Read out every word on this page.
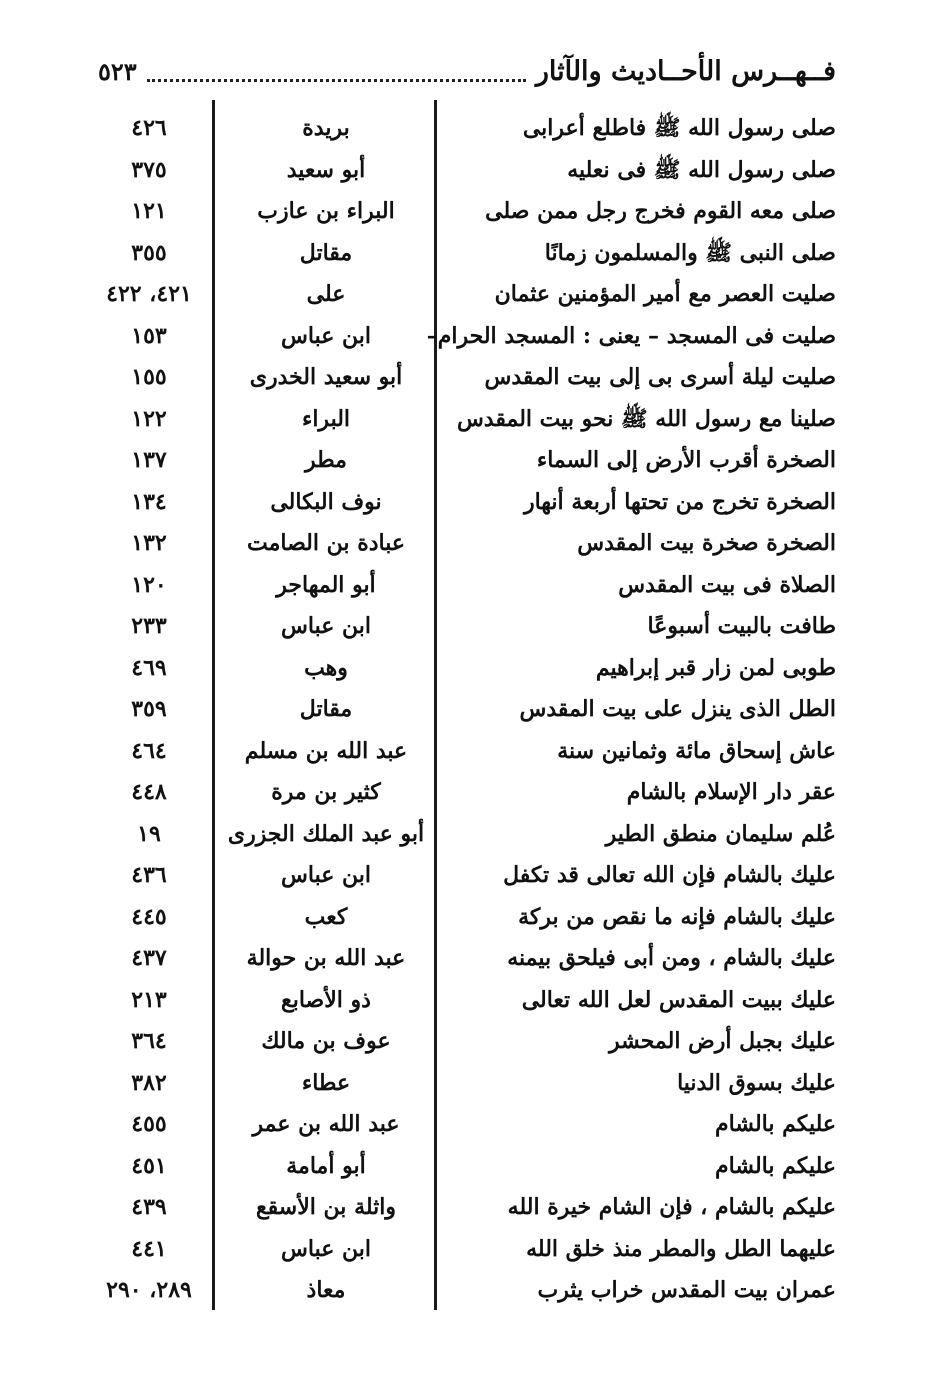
فــهــرس الأحــاديث والآثار
٥٢٣
صلى رسول الله ﷺ فاطلع أعرابى
بريدة
٤٢٦
صلى رسول الله ﷺ فى نعليه
أبو سعيد
٣٧٥
صلى معه القوم فخرج رجل ممن صلى
البراء بن عازب
١٢١
صلى النبى ﷺ والمسلمون زمانًا
مقاتل
٣٥٥
صليت العصر مع أمير المؤمنين عثمان
على
٤٢١، ٤٢٢
صليت فى المسجد – يعنى : المسجد الحرام–
ابن عباس
١٥٣
صليت ليلة أسرى بى إلى بيت المقدس
أبو سعيد الخدرى
١٥٥
صلينا مع رسول الله ﷺ نحو بيت المقدس
البراء
١٢٢
الصخرة أقرب الأرض إلى السماء
مطر
١٣٧
الصخرة تخرج من تحتها أربعة أنهار
نوف البكالى
١٣٤
الصخرة صخرة بيت المقدس
عبادة بن الصامت
١٣٢
الصلاة فى بيت المقدس
أبو المهاجر
١٢٠
طافت بالبيت أسبوعًا
ابن عباس
٢٣٣
طوبى لمن زار قبر إبراهيم
وهب
٤٦٩
الطل الذى ينزل على بيت المقدس
مقاتل
٣٥٩
عاش إسحاق مائة وثمانين سنة
عبد الله بن مسلم
٤٦٤
عقر دار الإسلام بالشام
كثير بن مرة
٤٤٨
عُلم سليمان منطق الطير
أبو عبد الملك الجزرى
١٩
عليك بالشام فإن الله تعالى قد تكفل
ابن عباس
٤٣٦
عليك بالشام فإنه ما نقص من بركة
كعب
٤٤٥
عليك بالشام ، ومن أبى فيلحق بيمنه
عبد الله بن حوالة
٤٣٧
عليك ببيت المقدس لعل الله تعالى
ذو الأصابع
٢١٣
عليك بجبل أرض المحشر
عوف بن مالك
٣٦٤
عليك بسوق الدنيا
عطاء
٣٨٢
عليكم بالشام
عبد الله بن عمر
٤٥٥
عليكم بالشام
أبو أمامة
٤٥١
عليكم بالشام ، فإن الشام خيرة الله
واثلة بن الأسقع
٤٣٩
عليهما الطل والمطر منذ خلق الله
ابن عباس
٤٤١
عمران بيت المقدس خراب يثرب
معاذ
٢٨٩، ٢٩٠
